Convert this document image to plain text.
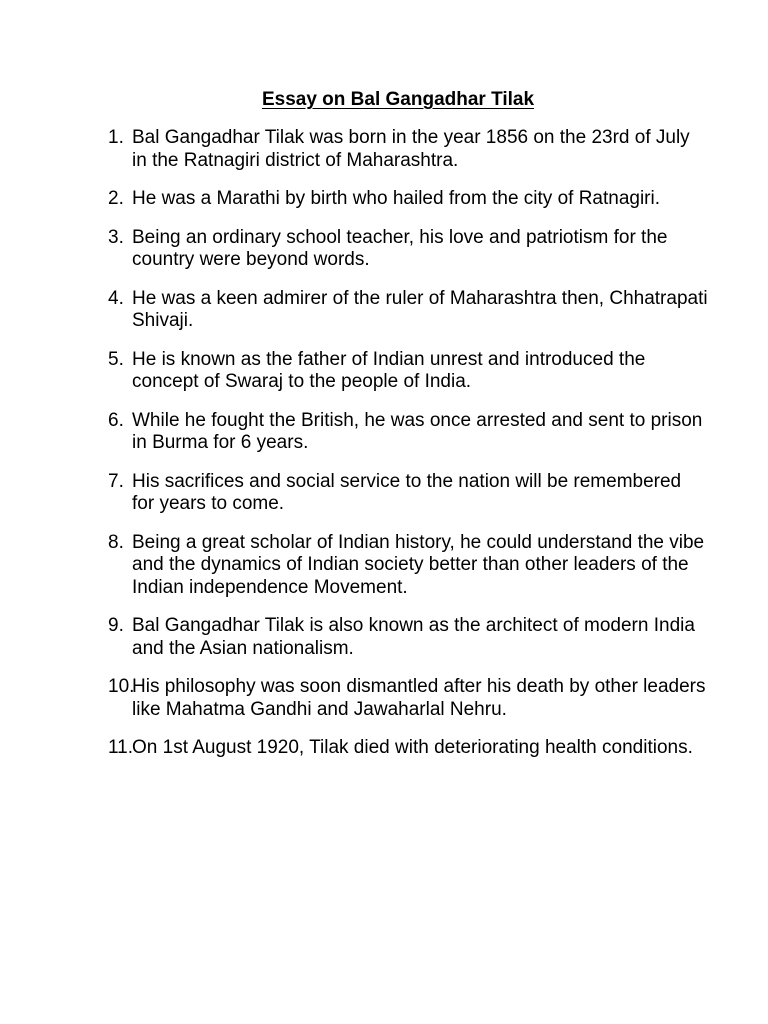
Essay on Bal Gangadhar Tilak
1. Bal Gangadhar Tilak was born in the year 1856 on the 23rd of July in the Ratnagiri district of Maharashtra.
2. He was a Marathi by birth who hailed from the city of Ratnagiri.
3. Being an ordinary school teacher, his love and patriotism for the country were beyond words.
4. He was a keen admirer of the ruler of Maharashtra then, Chhatrapati Shivaji.
5. He is known as the father of Indian unrest and introduced the concept of Swaraj to the people of India.
6. While he fought the British, he was once arrested and sent to prison in Burma for 6 years.
7. His sacrifices and social service to the nation will be remembered for years to come.
8. Being a great scholar of Indian history, he could understand the vibe and the dynamics of Indian society better than other leaders of the Indian independence Movement.
9. Bal Gangadhar Tilak is also known as the architect of modern India and the Asian nationalism.
10.
His philosophy was soon dismantled after his death by other leaders like Mahatma Gandhi and Jawaharlal Nehru.
11.
On 1st August 1920, Tilak died with deteriorating health conditions.
